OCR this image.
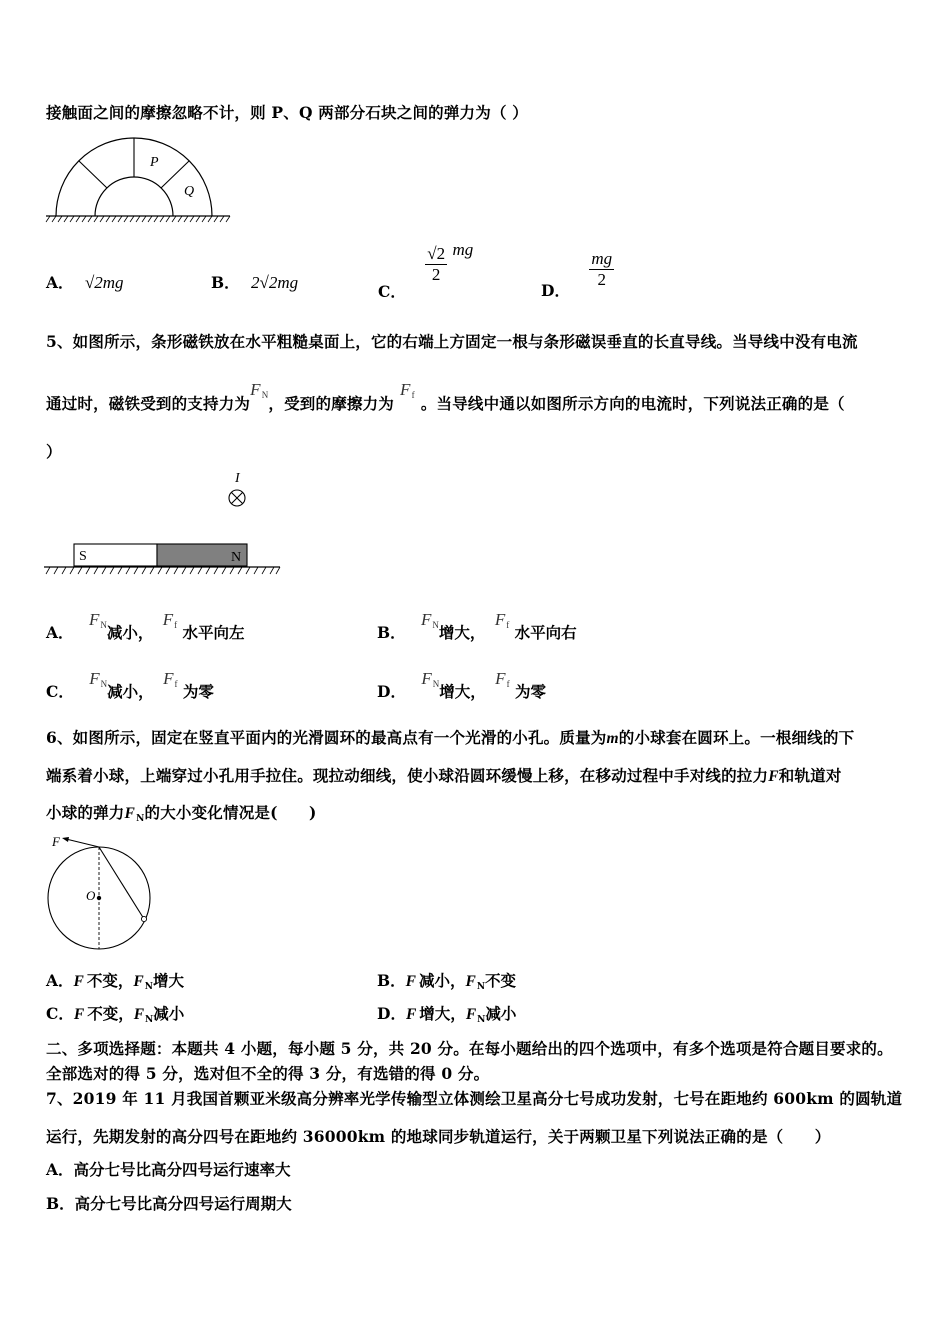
接触面之间的摩擦忽略不计，则 P、Q 两部分石块之间的弹力为（ ）
P
Q
A． √2mg	B． 2√2mg	C．
$\frac{√2}{2}$ mg
D． $\frac{mg}{2}$
5、如图所示，条形磁铁放在水平粗糙桌面上，它的右端上方固定一根与条形磁误垂直的长直导线。当导线中没有电流
通过时，磁铁受到的支持力为$F_N$，受到的摩擦力为$F_f$ 。当导线中通以如图所示方向的电流时，下列说法正确的是（
）
I
S	N
A． $F_N$减小， $F_f$ 水平向左	B． $F_N$增大， $F_f$ 水平向右
C． $F_N$减小， $F_f$ 为零	D． $F_N$增大， $F_f$ 为零
6、如图所示，固定在竖直平面内的光滑圆环的最高点有一个光滑的小孔。质量为m的小球套在圆环上。一根细线的下
端系着小球，上端穿过小孔用手拉住。现拉动细线，使小球沿圆环缓慢上移，在移动过程中手对线的拉力F和轨道对
小球的弹力$F_N$的大小变化情况是(　　)
F
O
A．F 不变，$F_N$增大	B．F 减小，$F_N$不变
C．F 不变，$F_N$减小	D．F 增大，$F_N$减小
二、多项选择题：本题共 4 小题，每小题 5 分，共 20 分。在每小题给出的四个选项中，有多个选项是符合题目要求的。
全部选对的得 5 分，选对但不全的得 3 分，有选错的得 0 分。
7、2019 年 11 月我国首颗亚米级高分辨率光学传输型立体测绘卫星高分七号成功发射，七号在距地约 600km 的圆轨道
运行，先期发射的高分四号在距地约 36000km 的地球同步轨道运行，关于两颗卫星下列说法正确的是（　　）
A．高分七号比高分四号运行速率大
B．高分七号比高分四号运行周期大
